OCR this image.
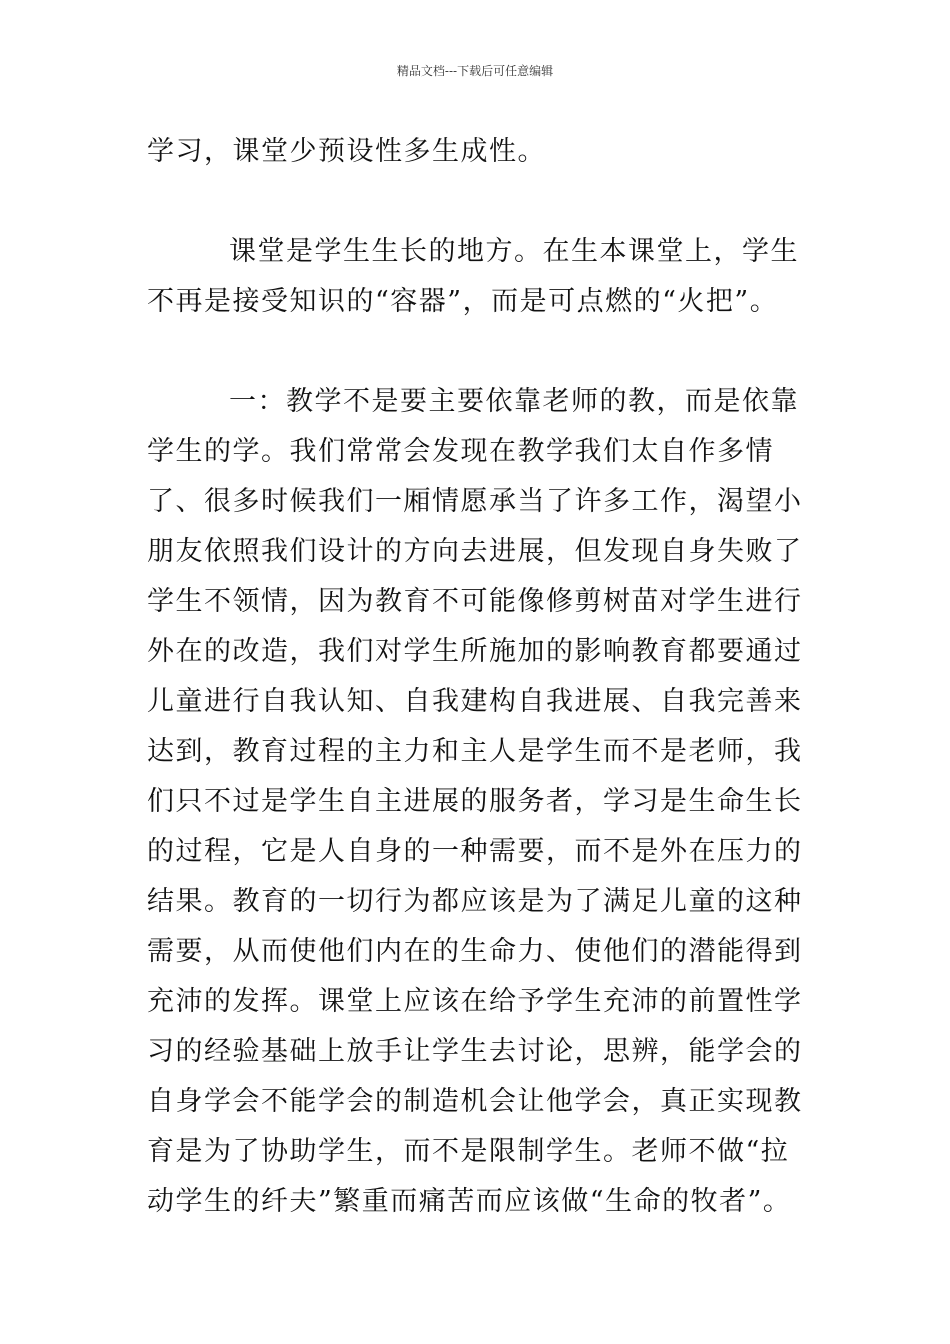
精品文档---下载后可任意编辑

学习，课堂少预设性多生成性。

课堂是学生生长的地方。在生本课堂上，学生不再是接受知识的“容器”，而是可点燃的“火把”。

一：教学不是要主要依靠老师的教，而是依靠学生的学。我们常常会发现在教学我们太自作多情了、很多时候我们一厢情愿承当了许多工作，渴望小朋友依照我们设计的方向去进展，但发现自身失败了学生不领情，因为教育不可能像修剪树苗对学生进行外在的改造，我们对学生所施加的影响教育都要通过儿童进行自我认知、自我建构自我进展、自我完善来达到，教育过程的主力和主人是学生而不是老师，我们只不过是学生自主进展的服务者，学习是生命生长的过程，它是人自身的一种需要，而不是外在压力的结果。教育的一切行为都应该是为了满足儿童的这种需要，从而使他们内在的生命力、使他们的潜能得到充沛的发挥。课堂上应该在给予学生充沛的前置性学习的经验基础上放手让学生去讨论，思辨，能学会的自身学会不能学会的制造机会让他学会，真正实现教育是为了协助学生，而不是限制学生。老师不做“拉动学生的纤夫”繁重而痛苦而应该做“生命的牧者”。
